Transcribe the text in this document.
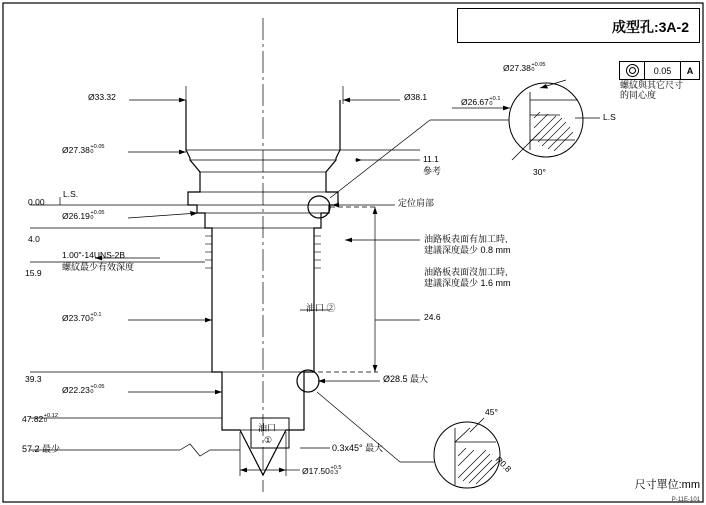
成型孔:3A-2
0.05	A
螺紋與其它尺寸
的同心度
Ø33.32
Ø27.38 +0.05
0
Ø38.1	Ø26.67 +0.1
0
Ø27.38 +0.05
0
L.S
30°
11.1
參考
0.00
L.S.
4.0
15.9
39.3
47.82 +0.12
0
57.2 最少
Ø26.19 +0.05
0
1.00"-14UNS-2B
螺紋最少有效深度
Ø23.70 +0.1
0
Ø22.23 +0.05
0
Ø17.50 +0.5
0.3
定位肩部
油路板表面有加工時,
建議深度最少 0.8 mm
油路板表面沒加工時,
建議深度最少 1.6 mm
油口 ②
24.6
Ø28.5 最大
油口
①
0.3x45° 最大
45°
R0.8
尺寸單位:mm
P-11E-101
